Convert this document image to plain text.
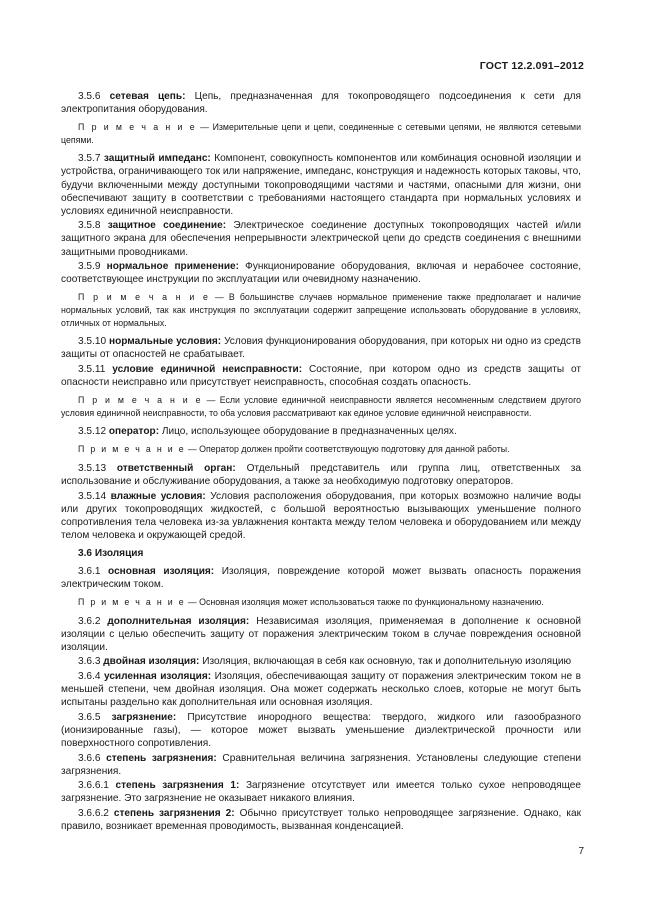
ГОСТ 12.2.091–2012
3.5.6 сетевая цепь: Цепь, предназначенная для токопроводящего подсоединения к сети для электропитания оборудования.
П р и м е ч а н и е — Измерительные цепи и цепи, соединенные с сетевыми цепями, не являются сетевыми цепями.
3.5.7 защитный импеданс: Компонент, совокупность компонентов или комбинация основной изоляции и устройства, ограничивающего ток или напряжение, импеданс, конструкция и надежность которых таковы, что, будучи включенными между доступными токопроводящими частями и частями, опасными для жизни, они обеспечивают защиту в соответствии с требованиями настоящего стандарта при нормальных условиях и условиях единичной неисправности.
3.5.8 защитное соединение: Электрическое соединение доступных токопроводящих частей и/или защитного экрана для обеспечения непрерывности электрической цепи до средств соединения с внешними защитными проводниками.
3.5.9 нормальное применение: Функционирование оборудования, включая и нерабочее состояние, соответствующее инструкции по эксплуатации или очевидному назначению.
П р и м е ч а н и е — В большинстве случаев нормальное применение также предполагает и наличие нормальных условий, так как инструкция по эксплуатации содержит запрещение использовать оборудование в условиях, отличных от нормальных.
3.5.10 нормальные условия: Условия функционирования оборудования, при которых ни одно из средств защиты от опасностей не срабатывает.
3.5.11 условие единичной неисправности: Состояние, при котором одно из средств защиты от опасности неисправно или присутствует неисправность, способная создать опасность.
П р и м е ч а н и е — Если условие единичной неисправности является несомненным следствием другого условия единичной неисправности, то оба условия рассматривают как единое условие единичной неисправности.
3.5.12 оператор: Лицо, использующее оборудование в предназначенных целях.
П р и м е ч а н и е — Оператор должен пройти соответствующую подготовку для данной работы.
3.5.13 ответственный орган: Отдельный представитель или группа лиц, ответственных за использование и обслуживание оборудования, а также за необходимую подготовку операторов.
3.5.14 влажные условия: Условия расположения оборудования, при которых возможно наличие воды или других токопроводящих жидкостей, с большой вероятностью вызывающих уменьшение полного сопротивления тела человека из-за увлажнения контакта между телом человека и оборудованием или между телом человека и окружающей средой.
3.6 Изоляция
3.6.1 основная изоляция: Изоляция, повреждение которой может вызвать опасность поражения электрическим током.
П р и м е ч а н и е — Основная изоляция может использоваться также по функциональному назначению.
3.6.2 дополнительная изоляция: Независимая изоляция, применяемая в дополнение к основной изоляции с целью обеспечить защиту от поражения электрическим током в случае повреждения основной изоляции.
3.6.3 двойная изоляция: Изоляция, включающая в себя как основную, так и дополнительную изоляцию
3.6.4 усиленная изоляция: Изоляция, обеспечивающая защиту от поражения электрическим током не в меньшей степени, чем двойная изоляция. Она может содержать несколько слоев, которые не могут быть испытаны раздельно как дополнительная или основная изоляция.
3.6.5 загрязнение: Присутствие инородного вещества: твердого, жидкого или газообразного (ионизированные газы), — которое может вызвать уменьшение диэлектрической прочности или поверхностного сопротивления.
3.6.6 степень загрязнения: Сравнительная величина загрязнения. Установлены следующие степени загрязнения.
3.6.6.1 степень загрязнения 1: Загрязнение отсутствует или имеется только сухое непроводящее загрязнение. Это загрязнение не оказывает никакого влияния.
3.6.6.2 степень загрязнения 2: Обычно присутствует только непроводящее загрязнение. Однако, как правило, возникает временная проводимость, вызванная конденсацией.
7
